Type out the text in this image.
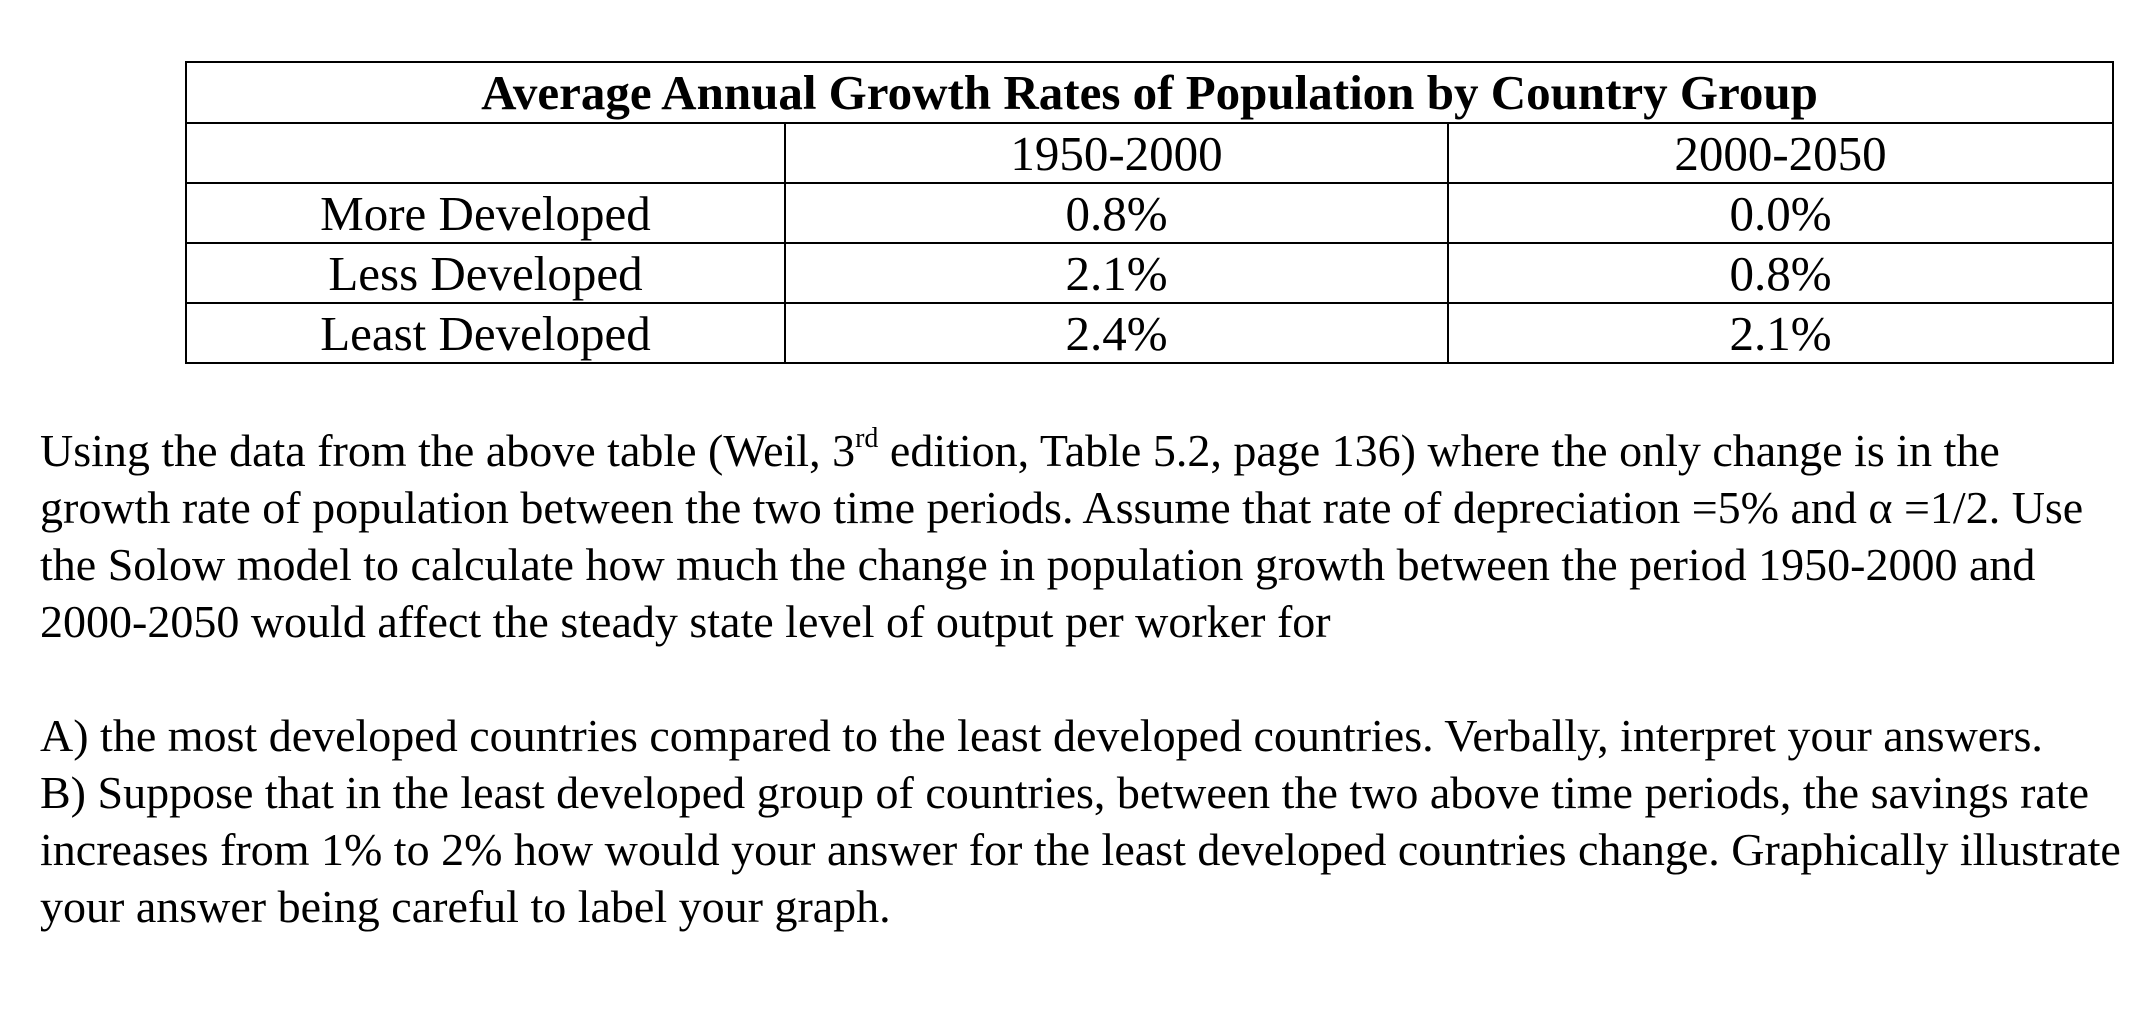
Average Annual Growth Rates of Population by Country Group		
	1950-2000	2000-2050
More Developed	0.8%	0.0%
Less Developed	2.1%	0.8%
Least Developed	2.4%	2.1%

Using the data from the above table (Weil, 3rd edition, Table 5.2, page 136) where the only change is in the growth rate of population between the two time periods. Assume that rate of depreciation =5% and α =1/2. Use the Solow model to calculate how much the change in population growth between the period 1950-2000 and 2000-2050 would affect the steady state level of output per worker for

A) the most developed countries compared to the least developed countries. Verbally, interpret your answers.

B) Suppose that in the least developed group of countries, between the two above time periods, the savings rate increases from 1% to 2% how would your answer for the least developed countries change. Graphically illustrate your answer being careful to label your graph.
